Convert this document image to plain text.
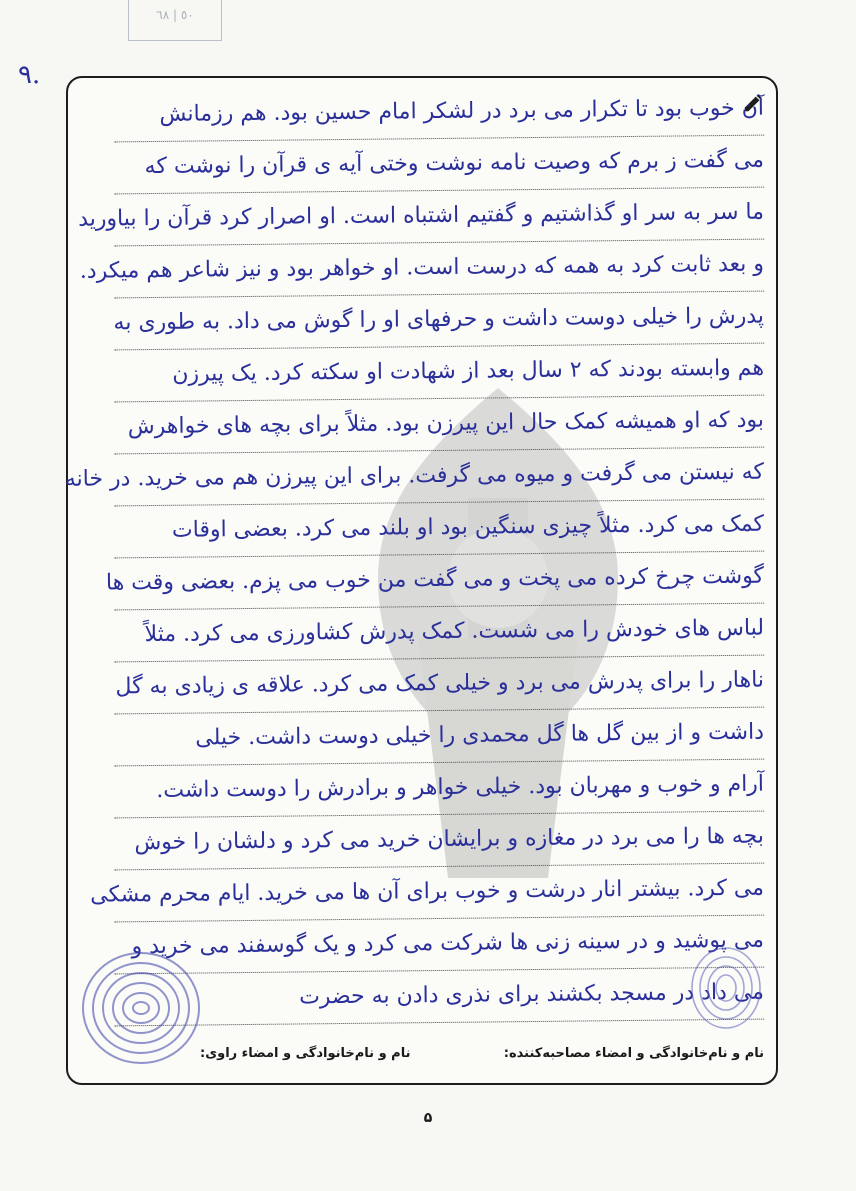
٥٠ | ٦٨
۹.
آن خوب بود تا تکرار می برد در لشکر امام حسین بود. هم رزمانش
می گفت ز برم که وصیت نامه نوشت وختی آیه ی قرآن را نوشت که
ما سر به سر او گذاشتیم و گفتیم اشتباه است. او اصرار کرد قرآن را بیاورید
و بعد ثابت کرد به همه که درست است. او خواهر بود و نیز شاعر هم میکرد.
پدرش را خیلی دوست داشت و حرفهای او را گوش می داد. به طوری به
هم وابسته بودند که ۲ سال بعد از شهادت او سکته کرد. یک پیرزن
بود که او همیشه کمک حال این پیرزن بود. مثلاً برای بچه های خواهرش
که نیستن می گرفت و میوه می گرفت. برای این پیرزن هم می خرید. در خانه
کمک می کرد. مثلاً چیزی سنگین بود او بلند می کرد. بعضی اوقات
گوشت چرخ کرده می پخت و می گفت من خوب می پزم. بعضی وقت ها
لباس های خودش را می شست. کمک پدرش کشاورزی می کرد. مثلاً
ناهار را برای پدرش می برد و خیلی کمک می کرد. علاقه ی زیادی به گل
داشت و از بین گل ها گل محمدی را خیلی دوست داشت. خیلی
آرام و خوب و مهربان بود. خیلی خواهر و برادرش را دوست داشت.
بچه ها را می برد در مغازه و برایشان خرید می کرد و دلشان را خوش
می کرد. بیشتر انار درشت و خوب برای آن ها می خرید. ایام محرم مشکی
می پوشید و در سینه زنی ها شرکت می کرد و یک گوسفند می خرید و
می داد در مسجد بکشند برای نذری دادن به حضرت
نام و نام‌خانوادگی و امضاء مصاحبه‌کننده:
نام و نام‌خانوادگی و امضاء راوی:
۵
